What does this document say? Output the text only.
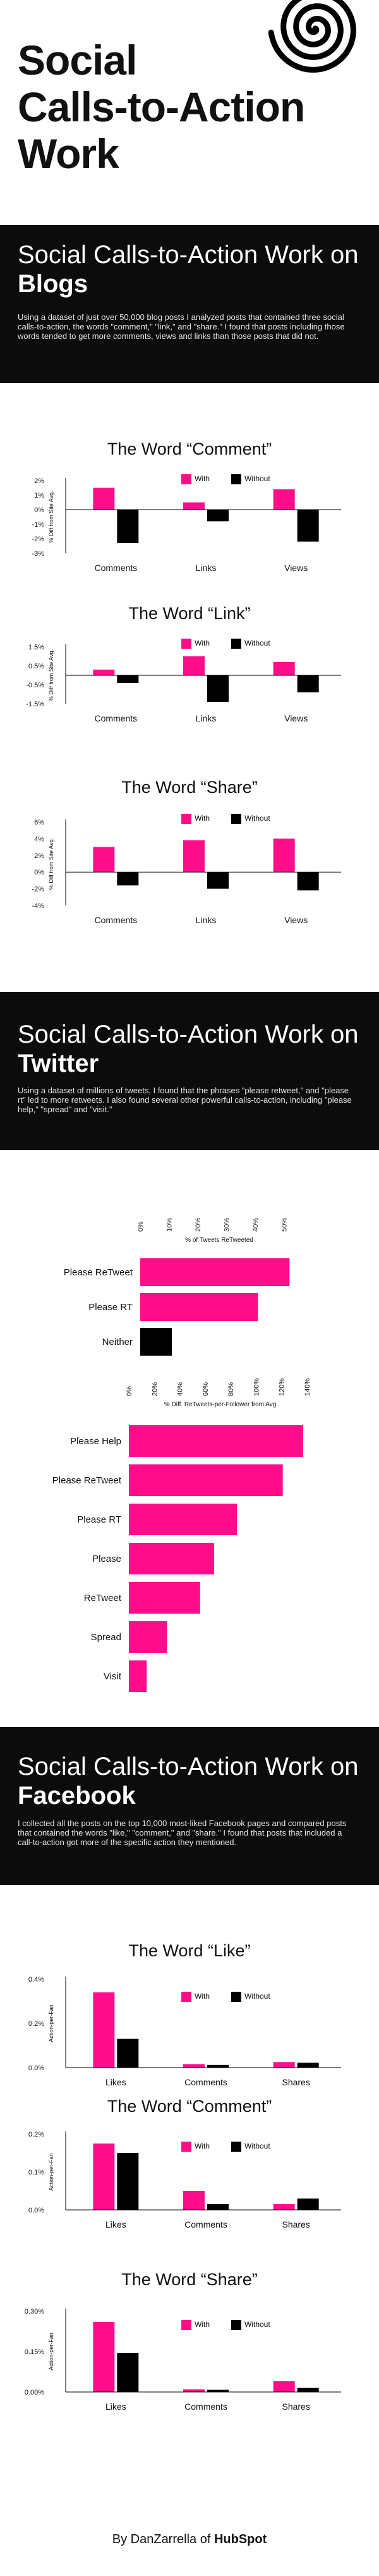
Social
Calls-to-Action
Work
Social Calls-to-Action Work on Blogs

Using a dataset of just over 50,000 blog posts I analyzed posts that contained three social calls-to-action, the words "comment," "link," and "share." I found that posts including those words tended to get more comments, views and links than those posts that did not.

Social Calls-to-Action Work on Twitter

Using a dataset of millions of tweets, I found that the phrases "please retweet," and "please rt" led to more retweets. I also found several other powerful calls-to-action, including "please help," "spread" and "visit."

Social Calls-to-Action Work on Facebook

I collected all the posts on the top 10,000 most-liked Facebook pages and compared posts that contained the words "like," "comment," and "share." I found that posts that included a call-to-action got more of the specific action they mentioned.

The Word “Comment”
With	Without
2%
1%
0%
-1%
-2%
-3%
% Diff from Site Avg.
Comments	Links	Views
The Word “Link”
With	Without
1.5%
0.5%
-0.5%
-1.5%
% Diff from Site Avg.
Comments	Links	Views
The Word “Share”
With	Without
6%
4%
2%
0%
-2%
-4%
% Diff from Site Avg.
Comments	Links	Views
The Word “Like”
With	Without
0.0%
0.2%
0.4%
Action-per-Fan
Likes	Comments	Shares
The Word “Comment”
With	Without
0.0%
0.1%
0.2%
Action-per-Fan
Likes	Comments	Shares
The Word “Share”
With	Without
0.00%
0.15%
0.30%
Action-per-Fan
Likes	Comments	Shares
0%	10%	20%	30%	40%	50%
% of Tweets ReTweeted
Please ReTweet
Please RT
Neither
0%	20%	40%	60%	80%	100%	120%	140%
% Diff. ReTweets-per-Follower from Avg.
Please Help
Please ReTweet
Please RT
Please
ReTweet
Spread
Visit
By DanZarrella of HubSpot
